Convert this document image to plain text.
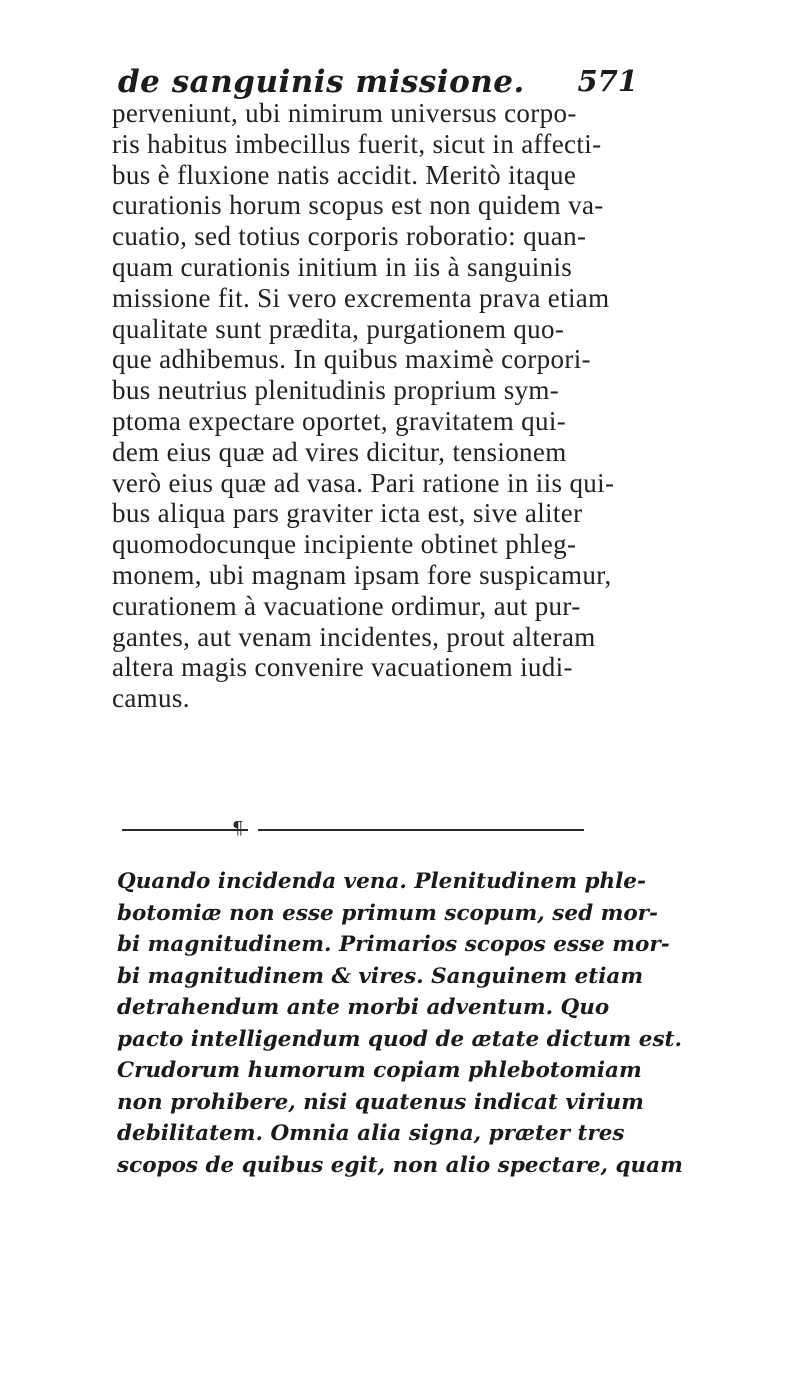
de sanguinis missione. 571
perveniunt, ubi nimirum universus corpo-
ris habitus imbecillus fuerit, sicut in affecti-
bus è fluxione natis accidit. Meritò itaque
curationis horum scopus est non quidem va-
cuatio, sed totius corporis roboratio: quan-
quam curationis initium in iis à sanguinis
missione fit. Si vero excrementa prava etiam
qualitate sunt prædita, purgationem quo-
que adhibemus. In quibus maximè corpori-
bus neutrius plenitudinis proprium sym-
ptoma expectare oportet, gravitatem qui-
dem eius quæ ad vires dicitur, tensionem
verò eius quæ ad vasa. Pari ratione in iis qui-
bus aliqua pars graviter icta est, sive aliter
quomodocunque incipiente obtinet phleg-
monem, ubi magnam ipsam fore suspicamur,
curationem à vacuatione ordimur, aut pur-
gantes, aut venam incidentes, prout alteram
altera magis convenire vacuationem iudi-
camus.
¶
Quando incidenda vena. Plenitudinem phle-
botomiæ non esse primum scopum, sed mor-
bi magnitudinem. Primarios scopos esse mor-
bi magnitudinem & vires. Sanguinem etiam
detrahendum ante morbi adventum. Quo
pacto intelligendum quod de ætate dictum est.
Crudorum humorum copiam phlebotomiam
non prohibere, nisi quatenus indicat virium
debilitatem. Omnia alia signa, præter tres
scopos de quibus egit, non alio spectare, quam
